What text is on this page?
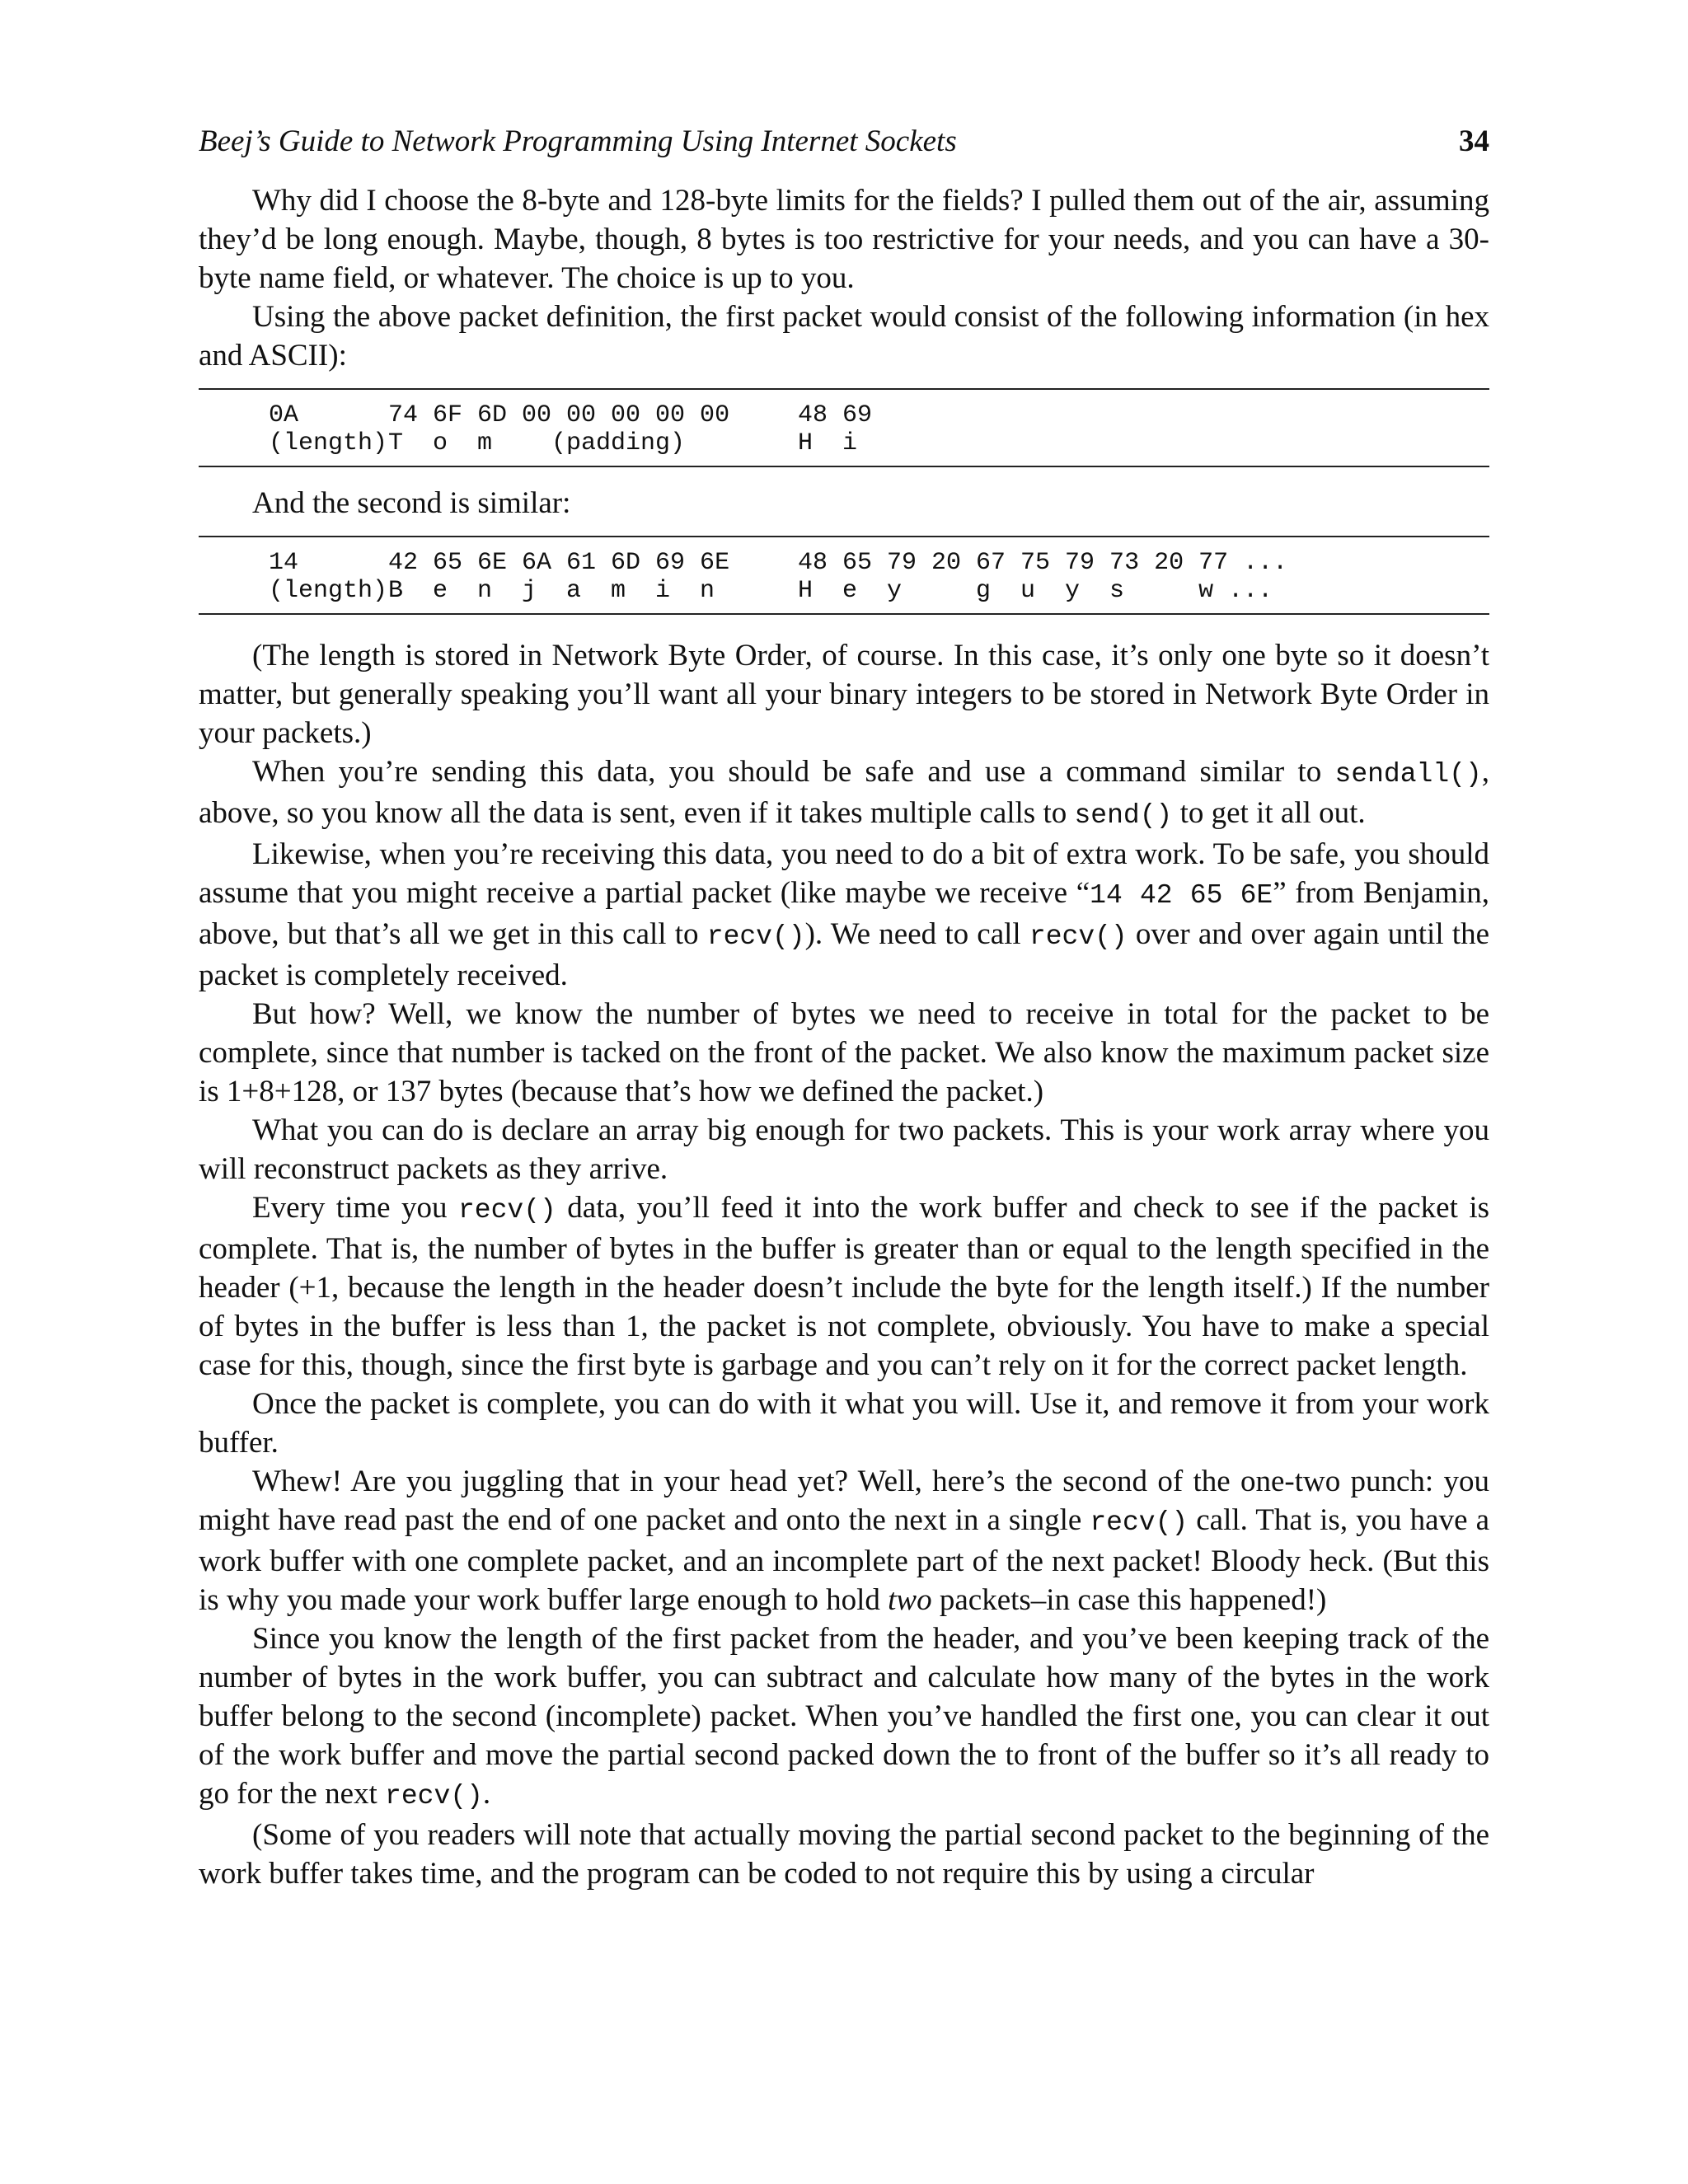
Beej’s Guide to Network Programming Using Internet Sockets	34

Why did I choose the 8-byte and 128-byte limits for the fields? I pulled them out of the air, assuming they’d be long enough. Maybe, though, 8 bytes is too restrictive for your needs, and you can have a 30-byte name field, or whatever. The choice is up to you.

Using the above packet definition, the first packet would consist of the following information (in hex and ASCII):

0A	74 6F 6D 00 00 00 00 00	48 69
(length) T  o  m    (padding)	H  i

And the second is similar:

14	42 65 6E 6A 61 6D 69 6E	48 65 79 20 67 75 79 73 20 77 ...
(length) B  e  n  j  a  m  i  n	H  e  y     g  u  y  s     w ...

(The length is stored in Network Byte Order, of course. In this case, it’s only one byte so it doesn’t matter, but generally speaking you’ll want all your binary integers to be stored in Network Byte Order in your packets.)

When you’re sending this data, you should be safe and use a command similar to sendall(), above, so you know all the data is sent, even if it takes multiple calls to send() to get it all out.

Likewise, when you’re receiving this data, you need to do a bit of extra work. To be safe, you should assume that you might receive a partial packet (like maybe we receive “14 42 65 6E” from Benjamin, above, but that’s all we get in this call to recv()). We need to call recv() over and over again until the packet is completely received.

But how? Well, we know the number of bytes we need to receive in total for the packet to be complete, since that number is tacked on the front of the packet. We also know the maximum packet size is 1+8+128, or 137 bytes (because that’s how we defined the packet.)

What you can do is declare an array big enough for two packets. This is your work array where you will reconstruct packets as they arrive.

Every time you recv() data, you’ll feed it into the work buffer and check to see if the packet is complete. That is, the number of bytes in the buffer is greater than or equal to the length specified in the header (+1, because the length in the header doesn’t include the byte for the length itself.) If the number of bytes in the buffer is less than 1, the packet is not complete, obviously. You have to make a special case for this, though, since the first byte is garbage and you can’t rely on it for the correct packet length.

Once the packet is complete, you can do with it what you will. Use it, and remove it from your work buffer.

Whew! Are you juggling that in your head yet? Well, here’s the second of the one-two punch: you might have read past the end of one packet and onto the next in a single recv() call. That is, you have a work buffer with one complete packet, and an incomplete part of the next packet! Bloody heck. (But this is why you made your work buffer large enough to hold two packets–in case this happened!)

Since you know the length of the first packet from the header, and you’ve been keeping track of the number of bytes in the work buffer, you can subtract and calculate how many of the bytes in the work buffer belong to the second (incomplete) packet. When you’ve handled the first one, you can clear it out of the work buffer and move the partial second packed down the to front of the buffer so it’s all ready to go for the next recv().

(Some of you readers will note that actually moving the partial second packet to the beginning of the work buffer takes time, and the program can be coded to not require this by using a circular
